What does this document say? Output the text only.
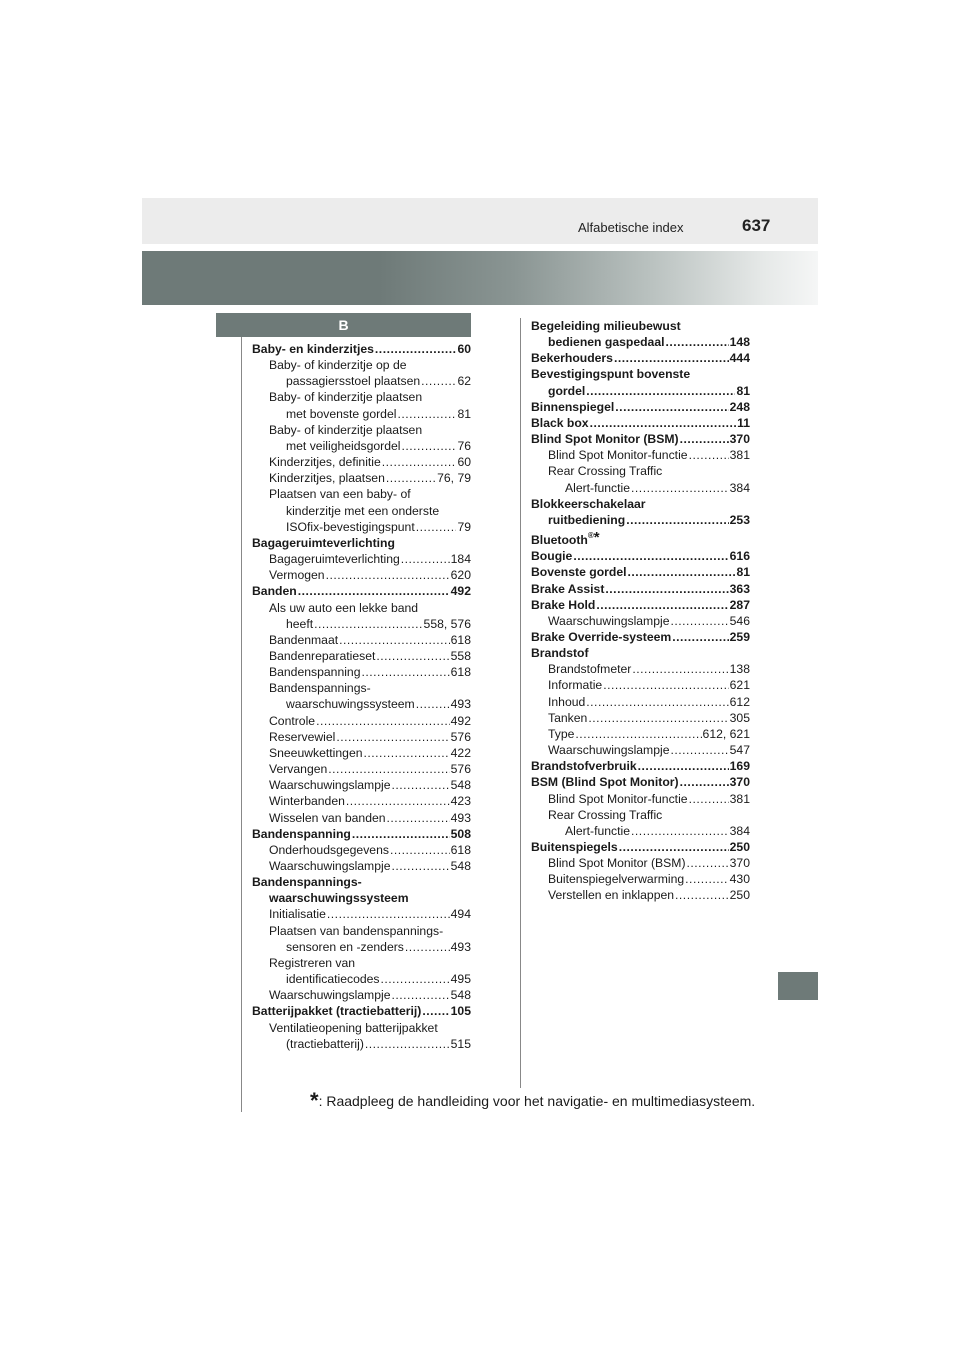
Alfabetische index	637
B
Baby- en kinderzitjes .....	60
Baby- of kinderzitje op de
passagiersstoel plaatsen .....	62
Baby- of kinderzitje plaatsen
met bovenste gordel .....	81
Baby- of kinderzitje plaatsen
met veiligheidsgordel .....	76
Kinderzitjes, definitie .....	60
Kinderzitjes, plaatsen .....	76, 79
Plaatsen van een baby- of
kinderzitje met een onderste
ISOfix-bevestigingspunt .....	79
Bagageruimteverlichting
Bagageruimteverlichting .....	184
Vermogen .....	620
Banden .....	492
Als uw auto een lekke band
heeft .....	558, 576
Bandenmaat .....	618
Bandenreparatieset .....	558
Bandenspanning .....	618
Bandenspannings-
waarschuwingssysteem .....	493
Controle .....	492
Reservewiel .....	576
Sneeuwkettingen .....	422
Vervangen .....	576
Waarschuwingslampje .....	548
Winterbanden .....	423
Wisselen van banden .....	493
Bandenspanning .....	508
Onderhoudsgegevens .....	618
Waarschuwingslampje .....	548
Bandenspannings-
waarschuwingssysteem
Initialisatie .....	494
Plaatsen van bandenspannings-
sensoren en -zenders .....	493
Registreren van
identificatiecodes .....	495
Waarschuwingslampje .....	548
Batterijpakket (tractiebatterij) ..... 105
Ventilatieopening batterijpakket
(tractiebatterij) .....	515
Begeleiding milieubewust
bedienen gaspedaal .....	148
Bekerhouders .....	444
Bevestigingspunt bovenste
gordel .....	81
Binnenspiegel .....	248
Black box .....	11
Blind Spot Monitor (BSM) .....	370
Blind Spot Monitor-functie .....	381
Rear Crossing Traffic
Alert-functie .....	384
Blokkeerschakelaar
ruitbediening .....	253
Bluetooth®*
Bougie .....	616
Bovenste gordel .....	81
Brake Assist .....	363
Brake Hold .....	287
Waarschuwingslampje .....	546
Brake Override-systeem .....	259
Brandstof
Brandstofmeter .....	138
Informatie .....	621
Inhoud .....	612
Tanken .....	305
Type .....	612, 621
Waarschuwingslampje .....	547
Brandstofverbruik .....	169
BSM (Blind Spot Monitor) .....	370
Blind Spot Monitor-functie .....	381
Rear Crossing Traffic
Alert-functie .....	384
Buitenspiegels .....	250
Blind Spot Monitor (BSM) .....	370
Buitenspiegelverwarming .....	430
Verstellen en inklappen .....	250
*: Raadpleeg de handleiding voor het navigatie- en multimediasysteem.
